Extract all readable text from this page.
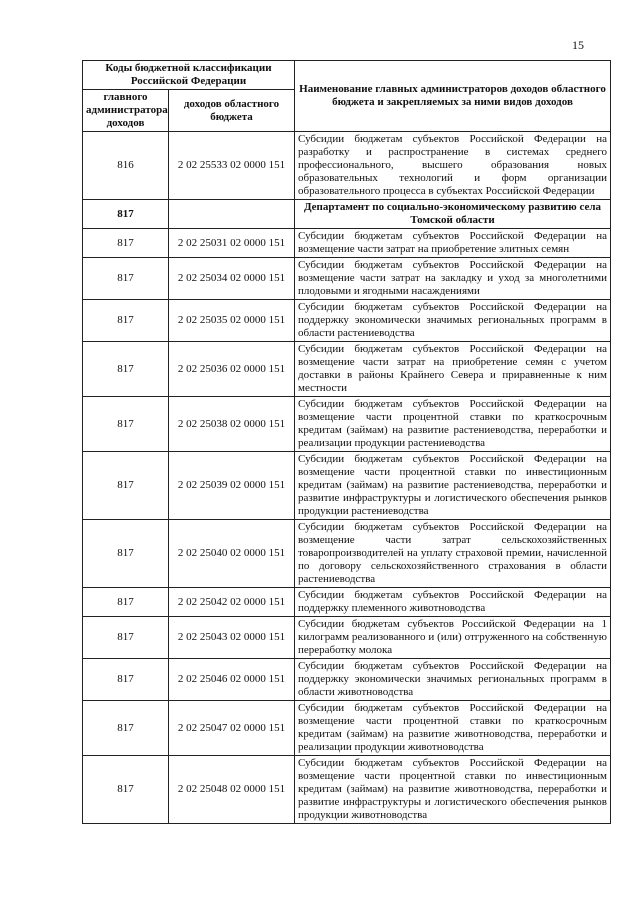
15
Коды бюджетной классификации Российской Федерации		Наименование главных администраторов доходов областного бюджета и закрепляемых за ними видов доходов
главного администратора доходов	доходов областного бюджета	
816	2 02 25533 02 0000 151	Субсидии бюджетам субъектов Российской Федерации на разработку и распространение в системах среднего профессионального, высшего образования новых образовательных технологий и форм организации образовательного процесса в субъектах Российской Федерации
817		Департамент по социально-экономическому развитию села Томской области
817	2 02 25031 02 0000 151	Субсидии бюджетам субъектов Российской Федерации на возмещение части затрат на приобретение элитных семян
817	2 02 25034 02 0000 151	Субсидии бюджетам субъектов Российской Федерации на возмещение части затрат на закладку и уход за многолетними плодовыми и ягодными насаждениями
817	2 02 25035 02 0000 151	Субсидии бюджетам субъектов Российской Федерации на поддержку экономически значимых региональных программ в области растениеводства
817	2 02 25036 02 0000 151	Субсидии бюджетам субъектов Российской Федерации на возмещение части затрат на приобретение семян с учетом доставки в районы Крайнего Севера и приравненные к ним местности
817	2 02 25038 02 0000 151	Субсидии бюджетам субъектов Российской Федерации на возмещение части процентной ставки по краткосрочным кредитам (займам) на развитие растениеводства, переработки и реализации продукции растениеводства
817	2 02 25039 02 0000 151	Субсидии бюджетам субъектов Российской Федерации на возмещение части процентной ставки по инвестиционным кредитам (займам) на развитие растениеводства, переработки и развитие инфраструктуры и логистического обеспечения рынков продукции растениеводства
817	2 02 25040 02 0000 151	Субсидии бюджетам субъектов Российской Федерации на возмещение части затрат сельскохозяйственных товаропроизводителей на уплату страховой премии, начисленной по договору сельскохозяйственного страхования в области растениеводства
817	2 02 25042 02 0000 151	Субсидии бюджетам субъектов Российской Федерации на поддержку племенного животноводства
817	2 02 25043 02 0000 151	Субсидии бюджетам субъектов Российской Федерации на 1 килограмм реализованного и (или) отгруженного на собственную переработку молока
817	2 02 25046 02 0000 151	Субсидии бюджетам субъектов Российской Федерации на поддержку экономически значимых региональных программ в области животноводства
817	2 02 25047 02 0000 151	Субсидии бюджетам субъектов Российской Федерации на возмещение части процентной ставки по краткосрочным кредитам (займам) на развитие животноводства, переработки и реализации продукции животноводства
817	2 02 25048 02 0000 151	Субсидии бюджетам субъектов Российской Федерации на возмещение части процентной ставки по инвестиционным кредитам (займам) на развитие животноводства, переработки и развитие инфраструктуры и логистического обеспечения рынков продукции животноводства
